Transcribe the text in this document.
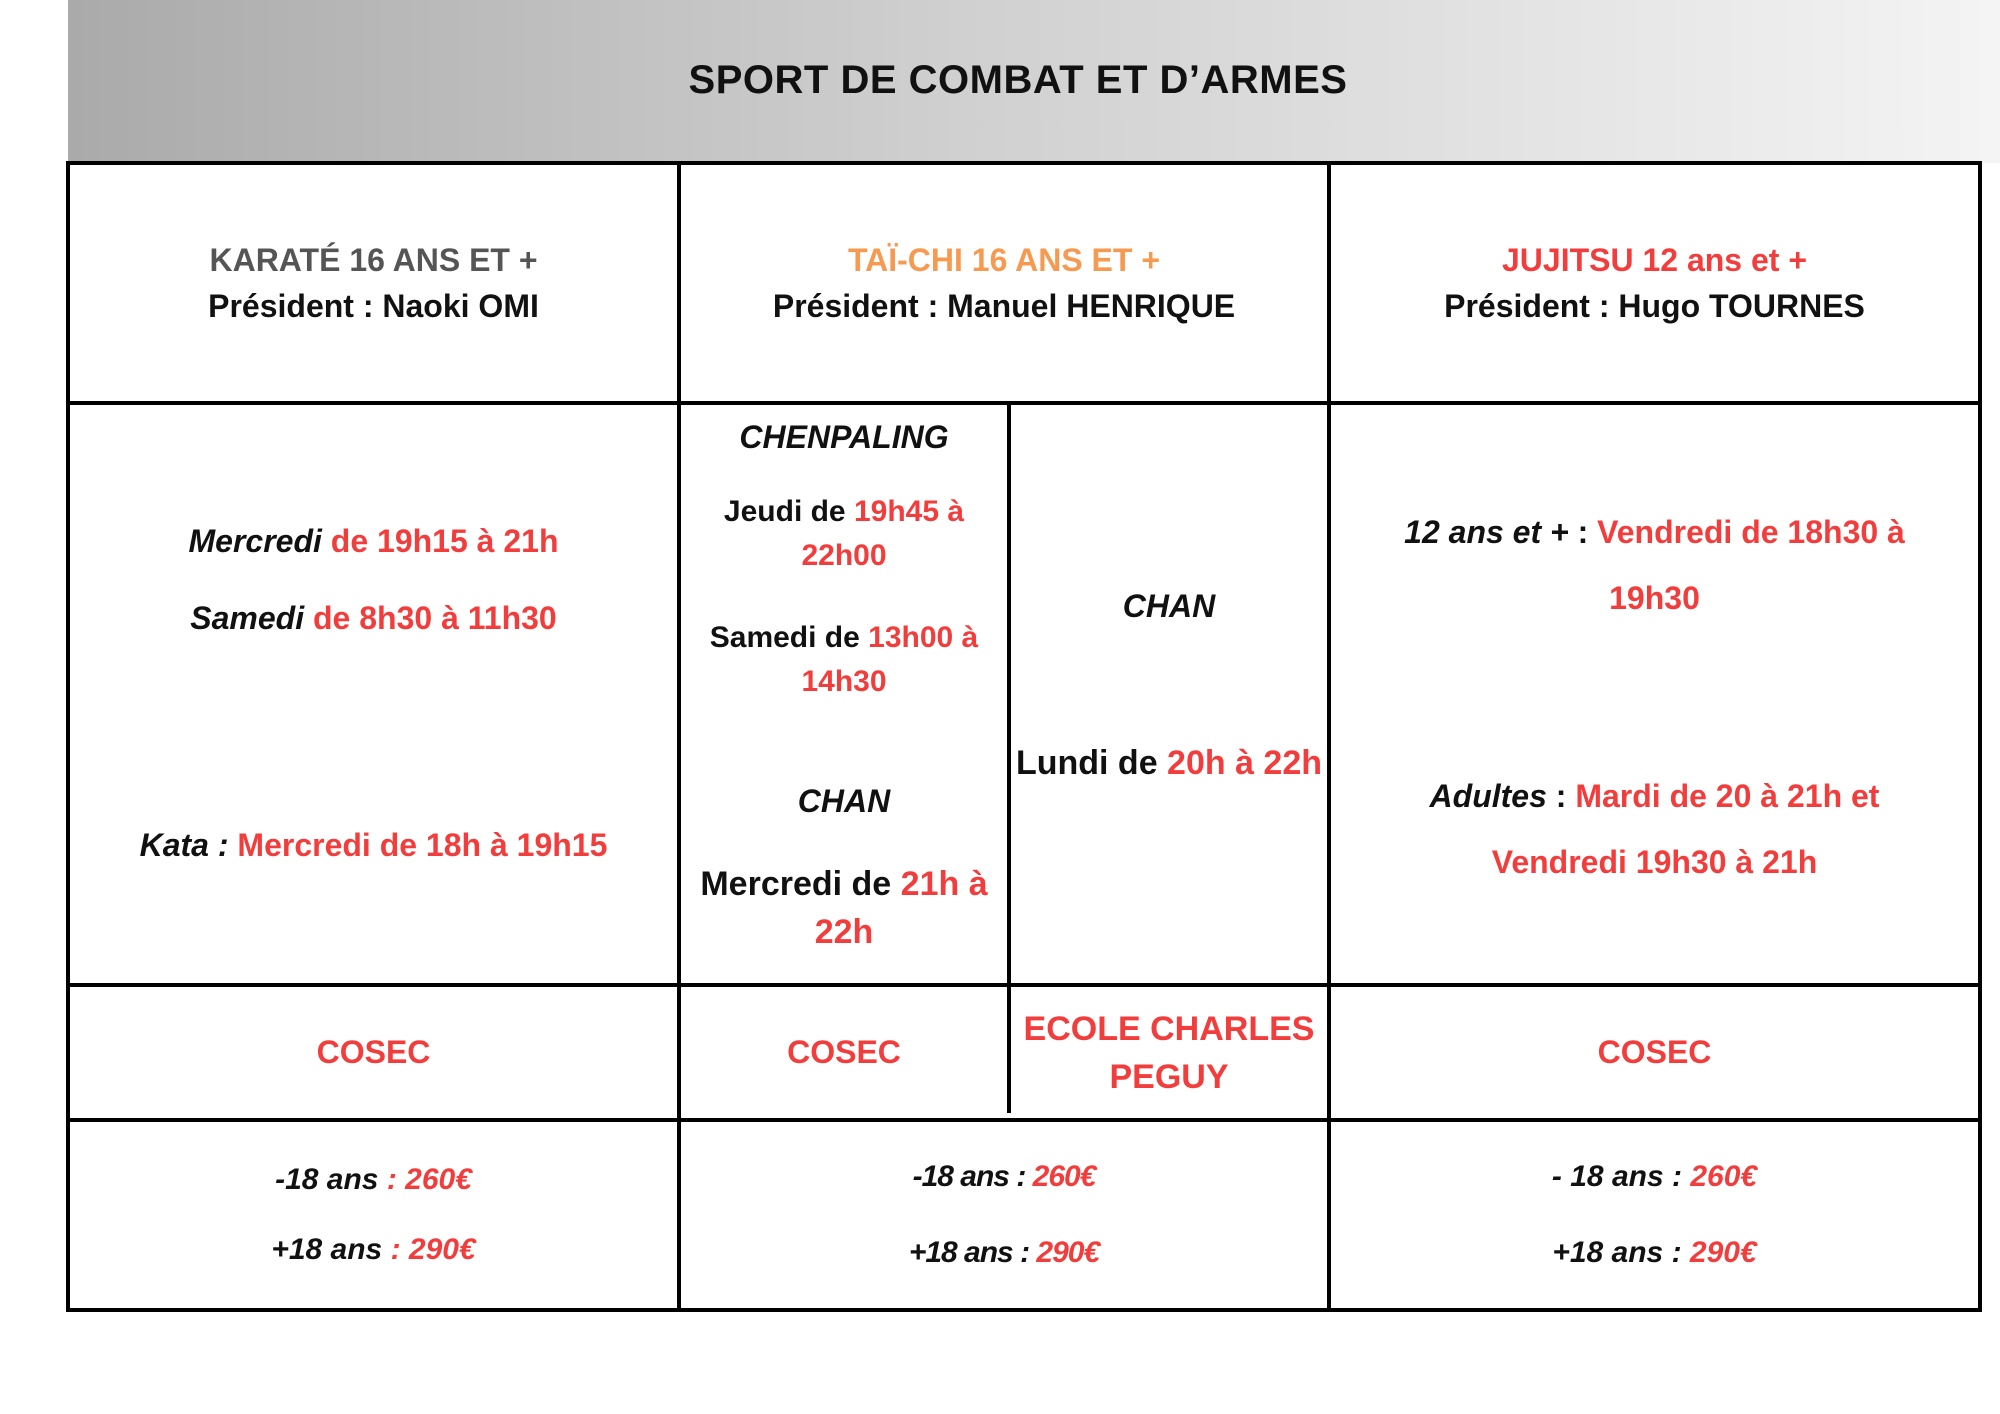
SPORT DE COMBAT ET D’ARMES
KARATÉ 16 ANS ET +
Président : Naoki OMI
TAÏ-CHI 16 ANS ET +
Président : Manuel HENRIQUE
JUJITSU 12 ans et +
Président : Hugo TOURNES
Mercredi de 19h15 à 21h
Samedi de 8h30 à 11h30
Kata : Mercredi de 18h à 19h15
CHENPALING
Jeudi de 19h45 à
22h00
Samedi de 13h00 à
14h30
CHAN
Mercredi de 21h à
22h
CHAN
Lundi de 20h à 22h
12 ans et + : Vendredi de 18h30 à
19h30
Adultes : Mardi de 20 à 21h et
Vendredi 19h30 à 21h
COSEC	COSEC
ECOLE CHARLES
PEGUY
COSEC
-18 ans : 260€
+18 ans : 290€
-18 ans : 260€
+18 ans : 290€
- 18 ans : 260€
+18 ans : 290€
